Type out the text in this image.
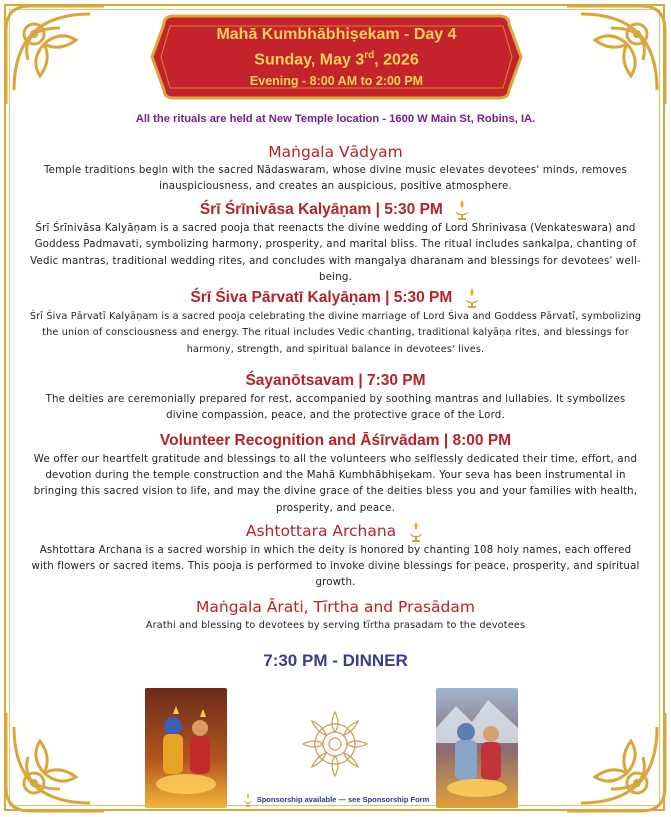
Mahā Kumbhābhiṣekam - Day 4
Sunday, May 3rd, 2026
Evening - 8:00 AM to 2:00 PM
All the rituals are held at New Temple location - 1600 W Main St, Robins, IA.
Maṅgala Vādyam
Temple traditions begin with the sacred Nādaswaram, whose divine music elevates devotees' minds, removes inauspiciousness, and creates an auspicious, positive atmosphere.
Śrī Śrīnivāsa Kalyāṇam | 5:30 PM
Śrī Śrīnivāsa Kalyāṇam is a sacred pooja that reenacts the divine wedding of Lord Shrinivasa (Venkateswara) and Goddess Padmavati, symbolizing harmony, prosperity, and marital bliss. The ritual includes sankalpa, chanting of Vedic mantras, traditional wedding rites, and concludes with mangalya dharanam and blessings for devotees' well-being.
Śrī Śiva Pārvatī Kalyāṇam | 5:30 PM
Śrī Śiva Pārvatī Kalyāṇam is a sacred pooja celebrating the divine marriage of Lord Śiva and Goddess Pārvatī, symbolizing the union of consciousness and energy. The ritual includes Vedic chanting, traditional kalyāṇa rites, and blessings for harmony, strength, and spiritual balance in devotees' lives.
Śayanōtsavam | 7:30 PM
The deities are ceremonially prepared for rest, accompanied by soothing mantras and lullabies. It symbolizes divine compassion, peace, and the protective grace of the Lord.
Volunteer Recognition and Āśīrvādam | 8:00 PM
We offer our heartfelt gratitude and blessings to all the volunteers who selflessly dedicated their time, effort, and devotion during the temple construction and the Mahā Kumbhābhiṣekam. Your seva has been instrumental in bringing this sacred vision to life, and may the divine grace of the deities bless you and your families with health, prosperity, and peace.
Ashtottara Archana
Ashtottara Archana is a sacred worship in which the deity is honored by chanting 108 holy names, each offered with flowers or sacred items. This pooja is performed to invoke divine blessings for peace, prosperity, and spiritual growth.
Maṅgala Ārati, Tīrtha and Prasādam
Arathi and blessing to devotees by serving tīrtha prasadam to the devotees
7:30 PM - DINNER
Sponsorship available — see Sponsorship Form
